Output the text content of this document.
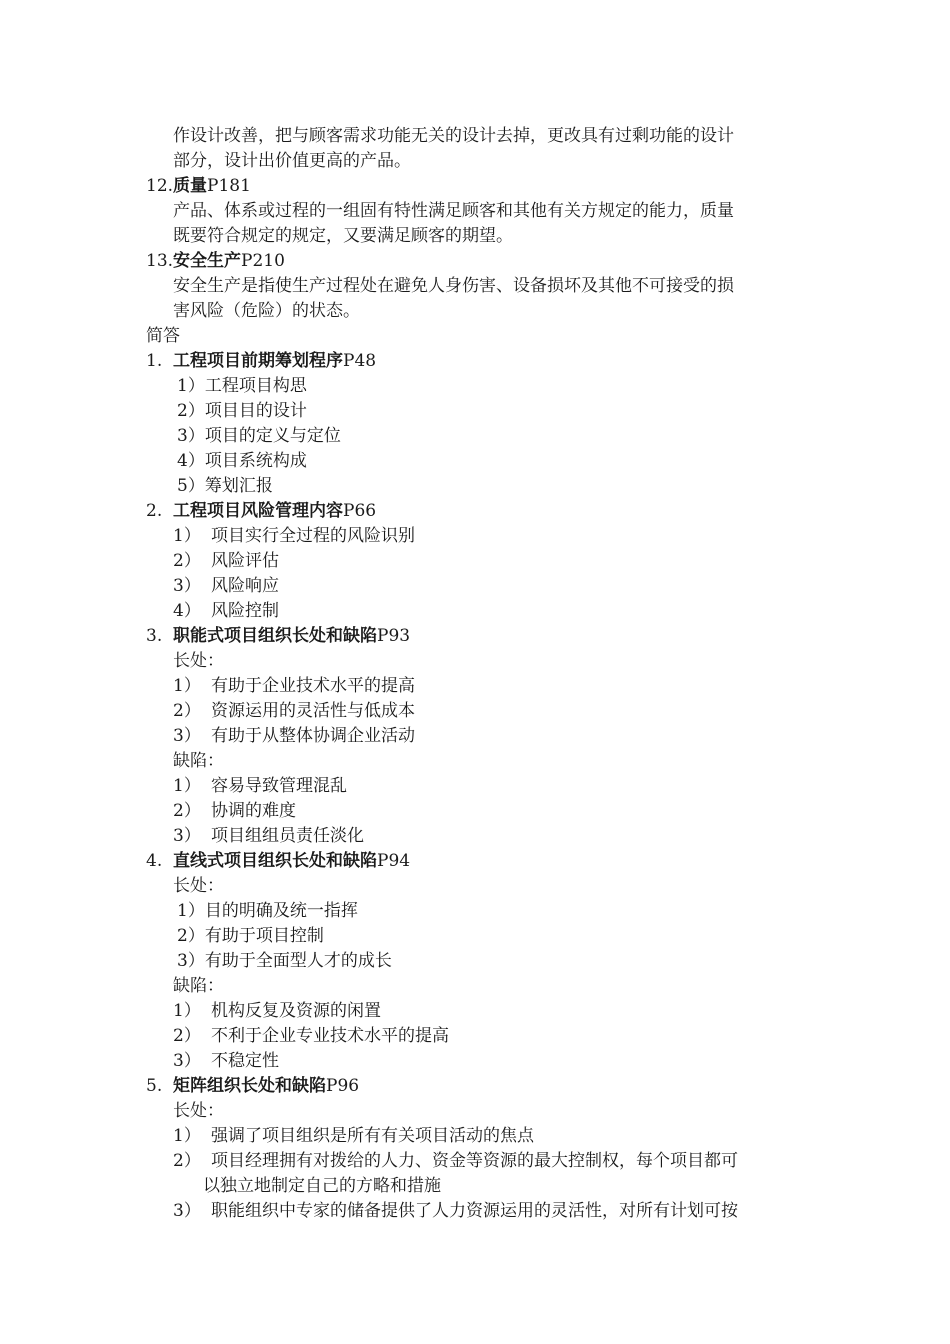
作设计改善，把与顾客需求功能无关的设计去掉，更改具有过剩功能的设计
部分，设计出价值更高的产品。
12.质量P181
产品、体系或过程的一组固有特性满足顾客和其他有关方规定的能力，质量
既要符合规定的规定，又要满足顾客的期望。
13.安全生产P210
安全生产是指使生产过程处在避免人身伤害、设备损坏及其他不可接受的损
害风险（危险）的状态。
简答
1. 工程项目前期筹划程序P48
1）工程项目构思
2）项目目的设计
3）项目的定义与定位
4）项目系统构成
5）筹划汇报
2. 工程项目风险管理内容P66
1） 项目实行全过程的风险识别
2） 风险评估
3） 风险响应
4） 风险控制
3. 职能式项目组织长处和缺陷P93
长处：
1） 有助于企业技术水平的提高
2） 资源运用的灵活性与低成本
3） 有助于从整体协调企业活动
缺陷：
1） 容易导致管理混乱
2） 协调的难度
3） 项目组组员责任淡化
4. 直线式项目组织长处和缺陷P94
长处：
1）目的明确及统一指挥
2）有助于项目控制
3）有助于全面型人才的成长
缺陷：
1） 机构反复及资源的闲置
2） 不利于企业专业技术水平的提高
3） 不稳定性
5. 矩阵组织长处和缺陷P96
长处：
1） 强调了项目组织是所有有关项目活动的焦点
2） 项目经理拥有对拨给的人力、资金等资源的最大控制权，每个项目都可
以独立地制定自己的方略和措施
3） 职能组织中专家的储备提供了人力资源运用的灵活性，对所有计划可按
